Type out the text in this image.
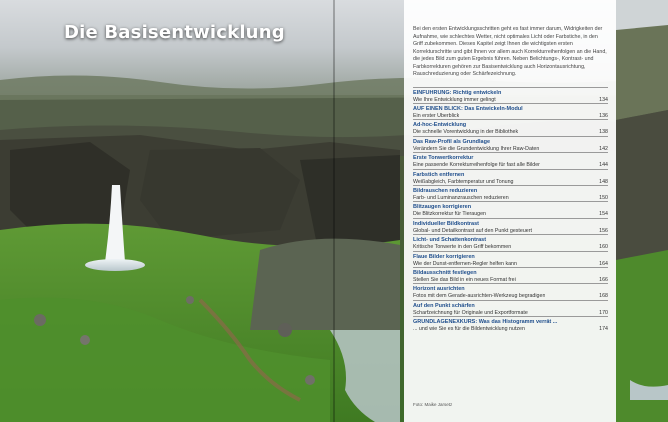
Die Basisentwicklung	Bei den ersten Entwicklungsschritten geht es fast immer darum, Widrigkeiten der Aufnahme, wie schlechtes Wetter, nicht optimales Licht oder Farbstiche, in den Griff zubekommen. Dieses Kapitel zeigt Ihnen die wichtigsten ersten Korrekturschritte und gibt Ihnen vor allem auch Korrekturreihenfolgen an die Hand, die jedes Bild zum guten Ergebnis führen. Neben Belichtungs-, Kontrast- und Farbkorrekturen gehören zur Basisentwicklung auch Horizontausrichtung, Rauschreduzierung oder Schärfezeichnung.

EINFÜHRUNG: Richtig entwickeln
Wie Ihre Entwicklung immer gelingt	134
AUF EINEN BLICK: Das Entwickeln-Modul
Ein erster Überblick	136
Ad-hoc-Entwicklung
Die schnelle Vorentwicklung in der Bibliothek	138
Das Raw-Profil als Grundlage
Verändern Sie die Grundentwicklung Ihrer Raw-Daten	142
Erste Tonwertkorrektur
Eine passende Korrekturreihenfolge für fast alle Bilder	144
Farbstich entfernen
Weißabgleich, Farbtemperatur und Tonung	148
Bildrauschen reduzieren
Farb- und Luminanzrauschen reduzieren	150
Blitzaugen korrigieren
Die Blitzkorrektur für Tieraugen	154
Individueller Bildkontrast
Global- und Detailkontrast auf den Punkt gesteuert	156
Licht- und Schattenkontrast
Kritische Tonwerte in den Griff bekommen	160
Flaue Bilder korrigieren
Wie der Dunst-entfernen-Regler helfen kann	164
Bildausschnitt festlegen
Stellen Sie das Bild in ein neues Format frei	166
Horizont ausrichten
Fotos mit dem Gerade-ausrichten-Werkzeug begradigen	168
Auf den Punkt schärfen
Scharfzeichnung für Originale und Exportformate	170
GRUNDLAGENEXKURS: Was das Histogramm verrät ...
... und wie Sie es für die Bildentwicklung nutzen	174
Foto: Maike Jarsetz
